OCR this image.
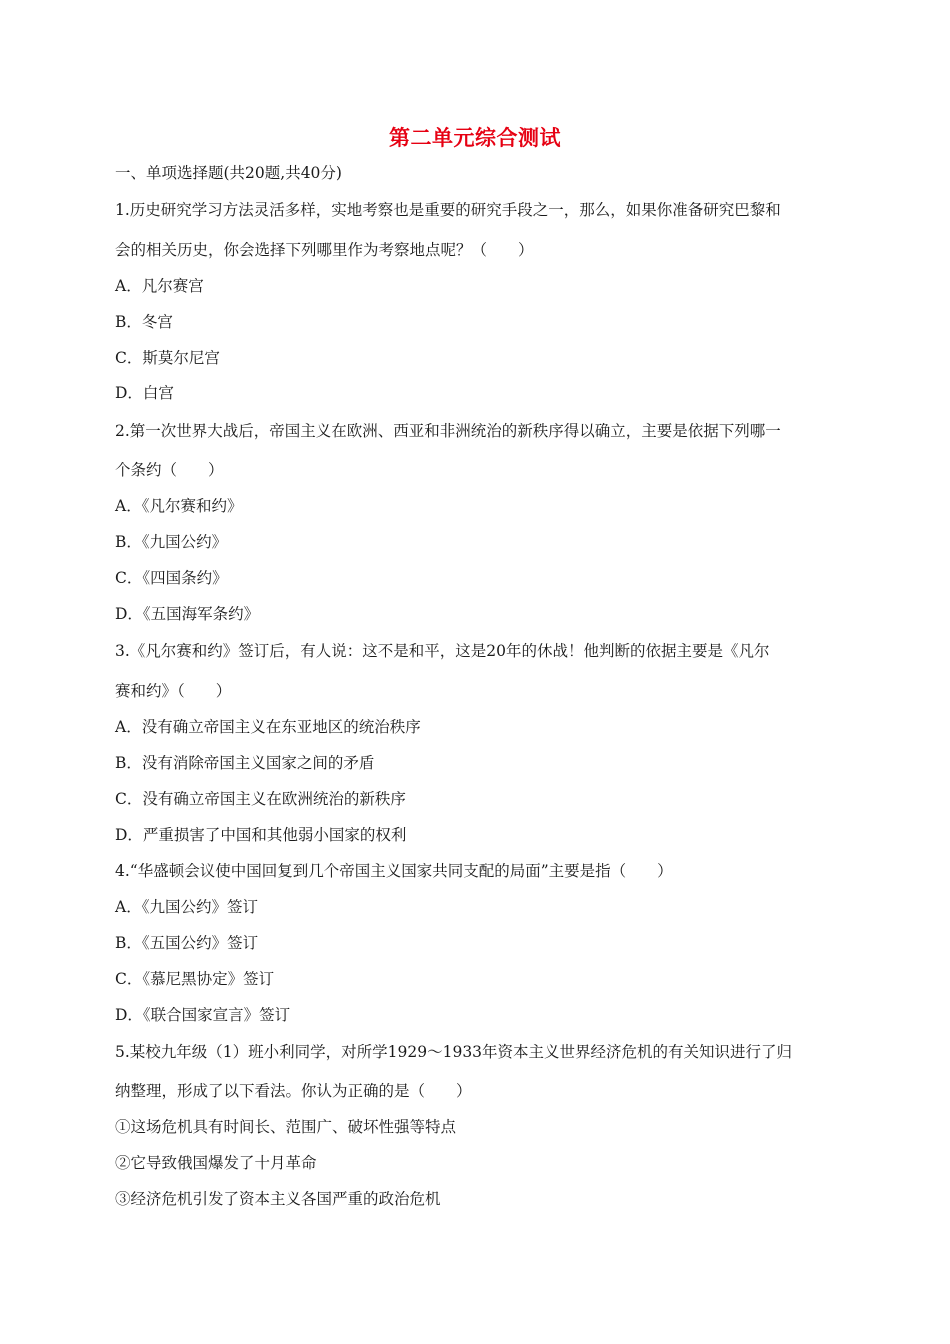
第二单元综合测试
一、单项选择题(共20题,共40分)
1.历史研究学习方法灵活多样，实地考察也是重要的研究手段之一，那么，如果你准备研究巴黎和
会的相关历史，你会选择下列哪里作为考察地点呢？（　　）
A．凡尔赛宫
B．冬宫
C．斯莫尔尼宫
D．白宫
2.第一次世界大战后，帝国主义在欧洲、西亚和非洲统治的新秩序得以确立，主要是依据下列哪一
个条约（　　）
A．《凡尔赛和约》
B．《九国公约》
C．《四国条约》
D．《五国海军条约》
3.《凡尔赛和约》签订后，有人说：这不是和平，这是20年的休战！他判断的依据主要是《凡尔
赛和约》（　　）
A．没有确立帝国主义在东亚地区的统治秩序
B．没有消除帝国主义国家之间的矛盾
C．没有确立帝国主义在欧洲统治的新秩序
D．严重损害了中国和其他弱小国家的权利
4.“华盛顿会议使中国回复到几个帝国主义国家共同支配的局面”主要是指（　　）
A．《九国公约》签订
B．《五国公约》签订
C．《慕尼黑协定》签订
D．《联合国家宣言》签订
5.某校九年级（1）班小利同学，对所学1929～1933年资本主义世界经济危机的有关知识进行了归
纳整理，形成了以下看法。你认为正确的是（　　）
①这场危机具有时间长、范围广、破坏性强等特点
②它导致俄国爆发了十月革命
③经济危机引发了资本主义各国严重的政治危机
